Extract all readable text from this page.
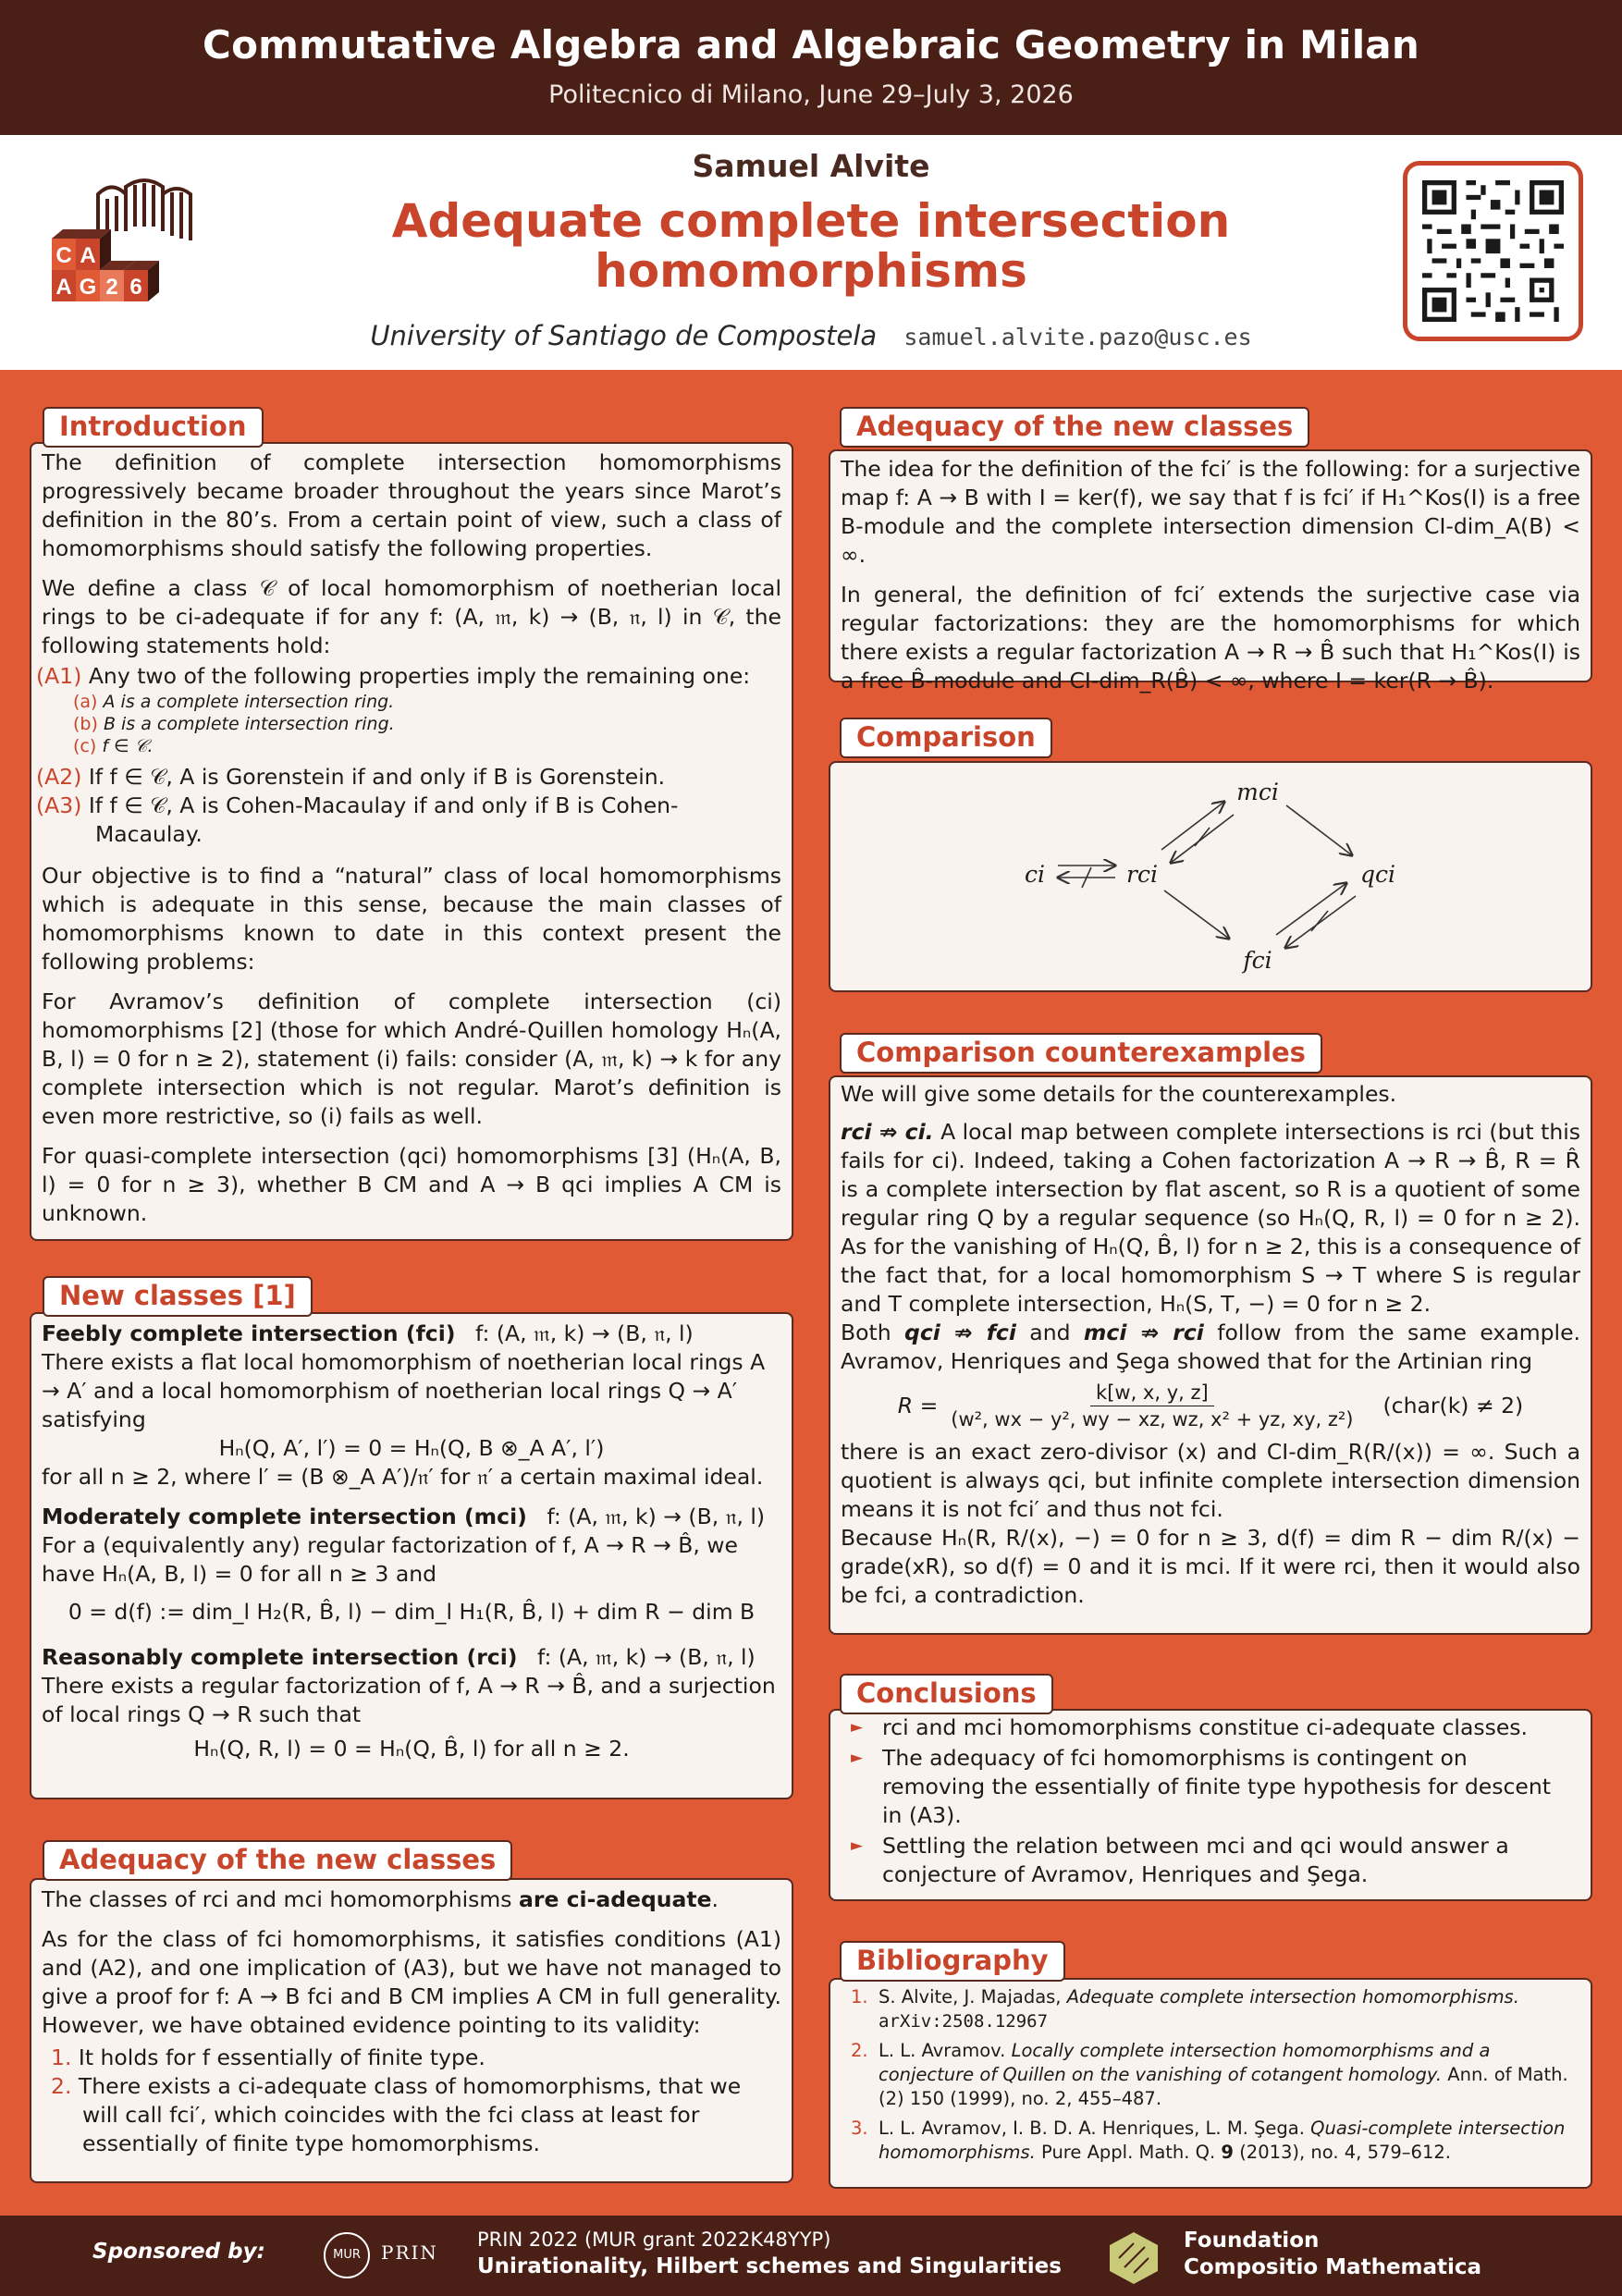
Commutative Algebra and Algebraic Geometry in Milan
Politecnico di Milano, June 29–July 3, 2026
C A
A G 2 6
Samuel Alvite
Adequate complete intersection homomorphisms
University of Santiago de Compostela samuel.alvite.pazo@usc.es
Introduction

The definition of complete intersection homomorphisms progressively became broader throughout the years since Marot’s definition in the 80’s. From a certain point of view, such a class of homomorphisms should satisfy the following properties.

We define a class 𝒞 of local homomorphism of noetherian local rings to be ci-adequate if for any f: (A, 𝔪, k) → (B, 𝔫, l) in 𝒞, the following statements hold:

(A1) Any two of the following properties imply the remaining one:
(a) A is a complete intersection ring.
(b) B is a complete intersection ring.
(c) f ∈ 𝒞.
(A2) If f ∈ 𝒞, A is Gorenstein if and only if B is Gorenstein.
(A3) If f ∈ 𝒞, A is Cohen-Macaulay if and only if B is Cohen-Macaulay.

Our objective is to find a “natural” class of local homomorphisms which is adequate in this sense, because the main classes of homomorphisms known to date in this context present the following problems:

For Avramov’s definition of complete intersection (ci) homomorphisms [2] (those for which André-Quillen homology Hₙ(A, B, l) = 0 for n ≥ 2), statement (i) fails: consider (A, 𝔪, k) → k for any complete intersection which is not regular. Marot’s definition is even more restrictive, so (i) fails as well.

For quasi-complete intersection (qci) homomorphisms [3] (Hₙ(A, B, l) = 0 for n ≥ 3), whether B CM and A → B qci implies A CM is unknown.

New classes [1]
Feebly complete intersection (fci) f: (A, 𝔪, k) → (B, 𝔫, l)
There exists a flat local homomorphism of noetherian local rings A → A′ and a local homomorphism of noetherian local rings Q → A′ satisfying
Hₙ(Q, A′, l′) = 0 = Hₙ(Q, B ⊗_A A′, l′)
for all n ≥ 2, where l′ = (B ⊗_A A′)/𝔫′ for 𝔫′ a certain maximal ideal.
Moderately complete intersection (mci) f: (A, 𝔪, k) → (B, 𝔫, l)
For a (equivalently any) regular factorization of f, A → R → B̂, we have Hₙ(A, B, l) = 0 for all n ≥ 3 and
0 = d(f) := dim_l H₂(R, B̂, l) − dim_l H₁(R, B̂, l) + dim R − dim B
Reasonably complete intersection (rci) f: (A, 𝔪, k) → (B, 𝔫, l)
There exists a regular factorization of f, A → R → B̂, and a surjection of local rings Q → R such that
Hₙ(Q, R, l) = 0 = Hₙ(Q, B̂, l) for all n ≥ 2.
Adequacy of the new classes

The classes of rci and mci homomorphisms are ci-adequate.

As for the class of fci homomorphisms, it satisfies conditions (A1) and (A2), and one implication of (A3), but we have not managed to give a proof for f: A → B fci and B CM implies A CM in full generality. However, we have obtained evidence pointing to its validity:

1. It holds for f essentially of finite type.
2. There exists a ci-adequate class of homomorphisms, that we will call fci′, which coincides with the fci class at least for essentially of finite type homomorphisms.
Adequacy of the new classes

The idea for the definition of the fci′ is the following: for a surjective map f: A → B with I = ker(f), we say that f is fci′ if H₁^Kos(I) is a free B-module and the complete intersection dimension CI-dim_A(B) < ∞.

In general, the definition of fci′ extends the surjective case via regular factorizations: they are the homomorphisms for which there exists a regular factorization A → R → B̂ such that H₁^Kos(I) is a free B̂-module and CI-dim_R(B̂) < ∞, where I = ker(R → B̂).

Comparison
ci	rci
mci
qci
fci
Comparison counterexamples

We will give some details for the counterexamples.

rci ⇏ ci. A local map between complete intersections is rci (but this fails for ci). Indeed, taking a Cohen factorization A → R → B̂, R = R̂ is a complete intersection by flat ascent, so R is a quotient of some regular ring Q by a regular sequence (so Hₙ(Q, R, l) = 0 for n ≥ 2). As for the vanishing of Hₙ(Q, B̂, l) for n ≥ 2, this is a consequence of the fact that, for a local homomorphism S → T where S is regular and T complete intersection, Hₙ(S, T, −) = 0 for n ≥ 2.
Both qci ⇏ fci and mci ⇏ rci follow from the same example. Avramov, Henriques and Şega showed that for the Artinian ring
$R = \frac{k[w, x, y, z]}{\text{(w², wx − y², wy − xz, wz, x² + yz, xy, z²)}}$ (char(k) ≠ 2)
there is an exact zero-divisor (x) and CI-dim_R(R/(x)) = ∞. Such a quotient is always qci, but infinite complete intersection dimension means it is not fci′ and thus not fci.
Because Hₙ(R, R/(x), −) = 0 for n ≥ 3, d(f) = dim R − dim R/(x) − grade(xR), so d(f) = 0 and it is mci. If it were rci, then it would also be fci, a contradiction.
Conclusions
► rci and mci homomorphisms constitue ci-adequate classes.
► The adequacy of fci homomorphisms is contingent on removing the essentially of finite type hypothesis for descent in (A3).
► Settling the relation between mci and qci would answer a conjecture of Avramov, Henriques and Şega.
Bibliography
1. S. Alvite, J. Majadas, Adequate complete intersection homomorphisms.
arXiv:2508.12967
2. L. L. Avramov. Locally complete intersection homomorphisms and a conjecture of Quillen on the vanishing of cotangent homology. Ann. of Math. (2) 150 (1999), no. 2, 455–487.
3. L. L. Avramov, I. B. D. A. Henriques, L. M. Şega. Quasi-complete intersection homomorphisms. Pure Appl. Math. Q. 9 (2013), no. 4, 579–612.
Sponsored by:	MUR	PRIN
PRIN 2022 (MUR grant 2022K48YYP)
Unirationality, Hilbert schemes and Singularities
Foundation
Compositio Mathematica
